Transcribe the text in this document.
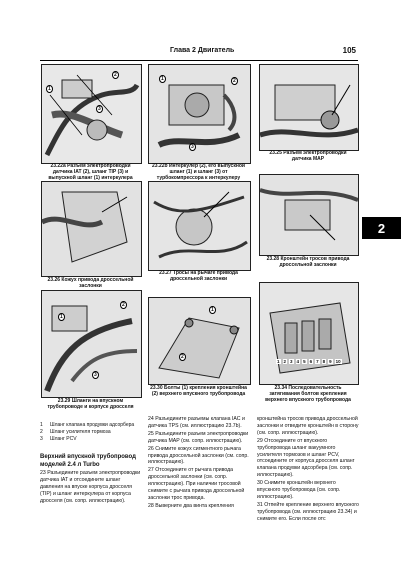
Глава 2 Двигатель	105
2
1
2
3
23.22a Разъем электропроводки датчика IAT (2), шланг TIP (3) и выпускной шланг (1) интеркулера
1	2
3
23.22b Интеркулер (2), его выпускной шланг (1) и шланг (3) от турбокомпрессора к интеркулеру
23.25 Разъем электропроводки датчика MAP
23.26 Кожух привода дроссельной заслонки
23.27 Тросы на рычаге привода дроссельной заслонки
23.28 Кронштейн тросов привода дроссельной заслонки
1
2
3
23.29 Шланги на впускном трубопроводе и корпусе дросселя
1
2
23.30 Болты (1) крепления кронштейна (2) верхнего впускного трубопровода
1 2 3 4 5 6 7 8 9 10
23.34 Последовательность затягивания болтов крепления верхнего впускного трубопровода
1 Шланг клапана продувки адсорбера
2 Шланг усилителя тормоза
3 Шланг PCV

Верхний впускной трубопровод моделей 2.4 л Turbo

23 Разъедините разъем электропроводки датчика IAT и отсоедините шланг давления на впуске корпуса дросселя (TIP) и шланг интеркулера от корпуса дросселя (см. сопр. иллюстрацию).

24 Разъедините разъемы клапана IAC и датчика TPS (см. иллюстрацию 23.7b).

25 Разъедините разъем электропроводки датчика MAP (см. сопр. иллюстрацию).

26 Снимите кожух сигментного рычага привода дроссельной заслонки (см. сопр. иллюстрацию).

27 Отсоедините от рычага привода дроссельной заслонки (см. сопр. иллюстрацию). При наличии тросовой снимите с рычага привода дроссельной заслонки трос привода.

28 Выверните два винта крепления

кронштейна тросов привода дроссельной заслонки и отведите кронштейн в сторону (см. сопр. иллюстрацию).

29 Отсоедините от впускного трубопровода шланг вакуумного усилителя тормозов и шланг PCV, отсоедините от корпуса дросселя шланг клапана продувки адсорбера (см. сопр. иллюстрацию).

30 Снимите кронштейн верхнего впускного трубопровода (см. сопр. иллюстрацию).

31 Отпейте крепление верхнего впускного трубопровода (см. иллюстрацию 23.34) и снимите его. Если после отс
